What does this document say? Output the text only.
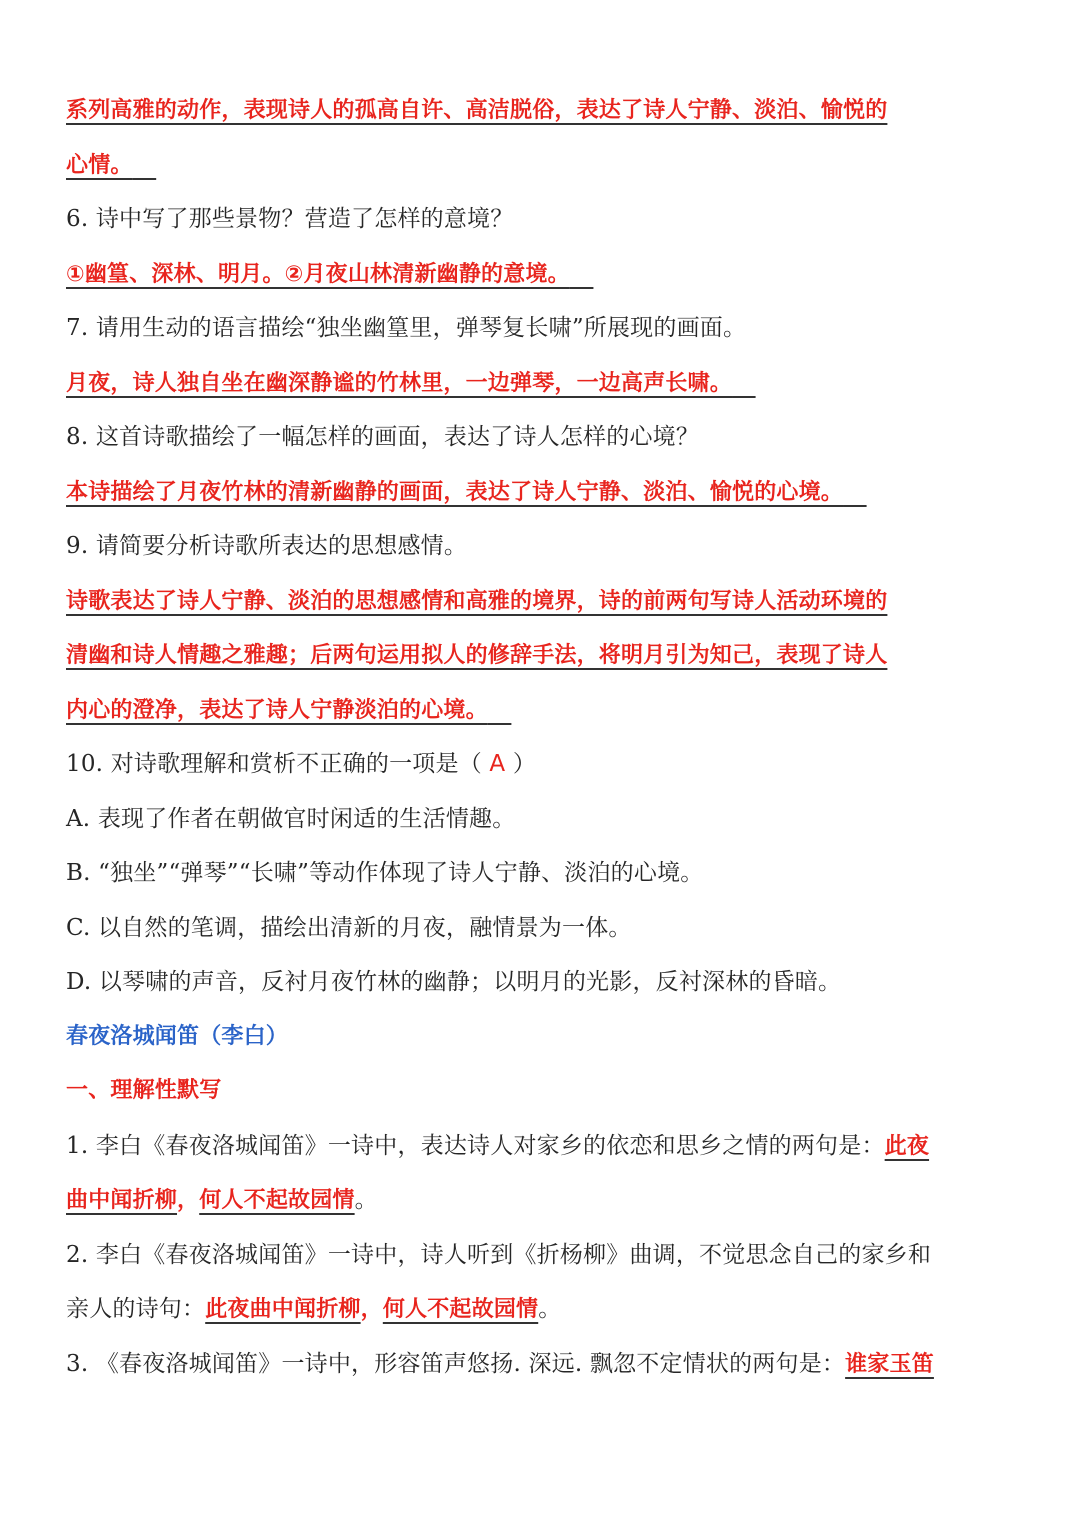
系列高雅的动作，表现诗人的孤高自许、高洁脱俗，表达了诗人宁静、淡泊、愉悦的
心情。
6. 诗中写了那些景物？营造了怎样的意境？
①幽篁、深林、明月。②月夜山林清新幽静的意境。
7. 请用生动的语言描绘“独坐幽篁里，弹琴复长啸”所展现的画面。
月夜，诗人独自坐在幽深静谧的竹林里，一边弹琴，一边高声长啸。
8. 这首诗歌描绘了一幅怎样的画面，表达了诗人怎样的心境？
本诗描绘了月夜竹林的清新幽静的画面，表达了诗人宁静、淡泊、愉悦的心境。
9. 请简要分析诗歌所表达的思想感情。
诗歌表达了诗人宁静、淡泊的思想感情和高雅的境界，诗的前两句写诗人活动环境的
清幽和诗人情趣之雅趣；后两句运用拟人的修辞手法，将明月引为知己，表现了诗人
内心的澄净，表达了诗人宁静淡泊的心境。
10. 对诗歌理解和赏析不正确的一项是（ A ）
A. 表现了作者在朝做官时闲适的生活情趣。
B. “独坐”“弹琴”“长啸”等动作体现了诗人宁静、淡泊的心境。
C. 以自然的笔调，描绘出清新的月夜，融情景为一体。
D. 以琴啸的声音，反衬月夜竹林的幽静；以明月的光影，反衬深林的昏暗。
春夜洛城闻笛（李白）
一、理解性默写
1. 李白《春夜洛城闻笛》一诗中，表达诗人对家乡的依恋和思乡之情的两句是：此夜
曲中闻折柳，何人不起故园情。
2. 李白《春夜洛城闻笛》一诗中，诗人听到《折杨柳》曲调，不觉思念自己的家乡和
亲人的诗句：此夜曲中闻折柳，何人不起故园情。
3. 《春夜洛城闻笛》一诗中，形容笛声悠扬. 深远. 飘忽不定情状的两句是：谁家玉笛
